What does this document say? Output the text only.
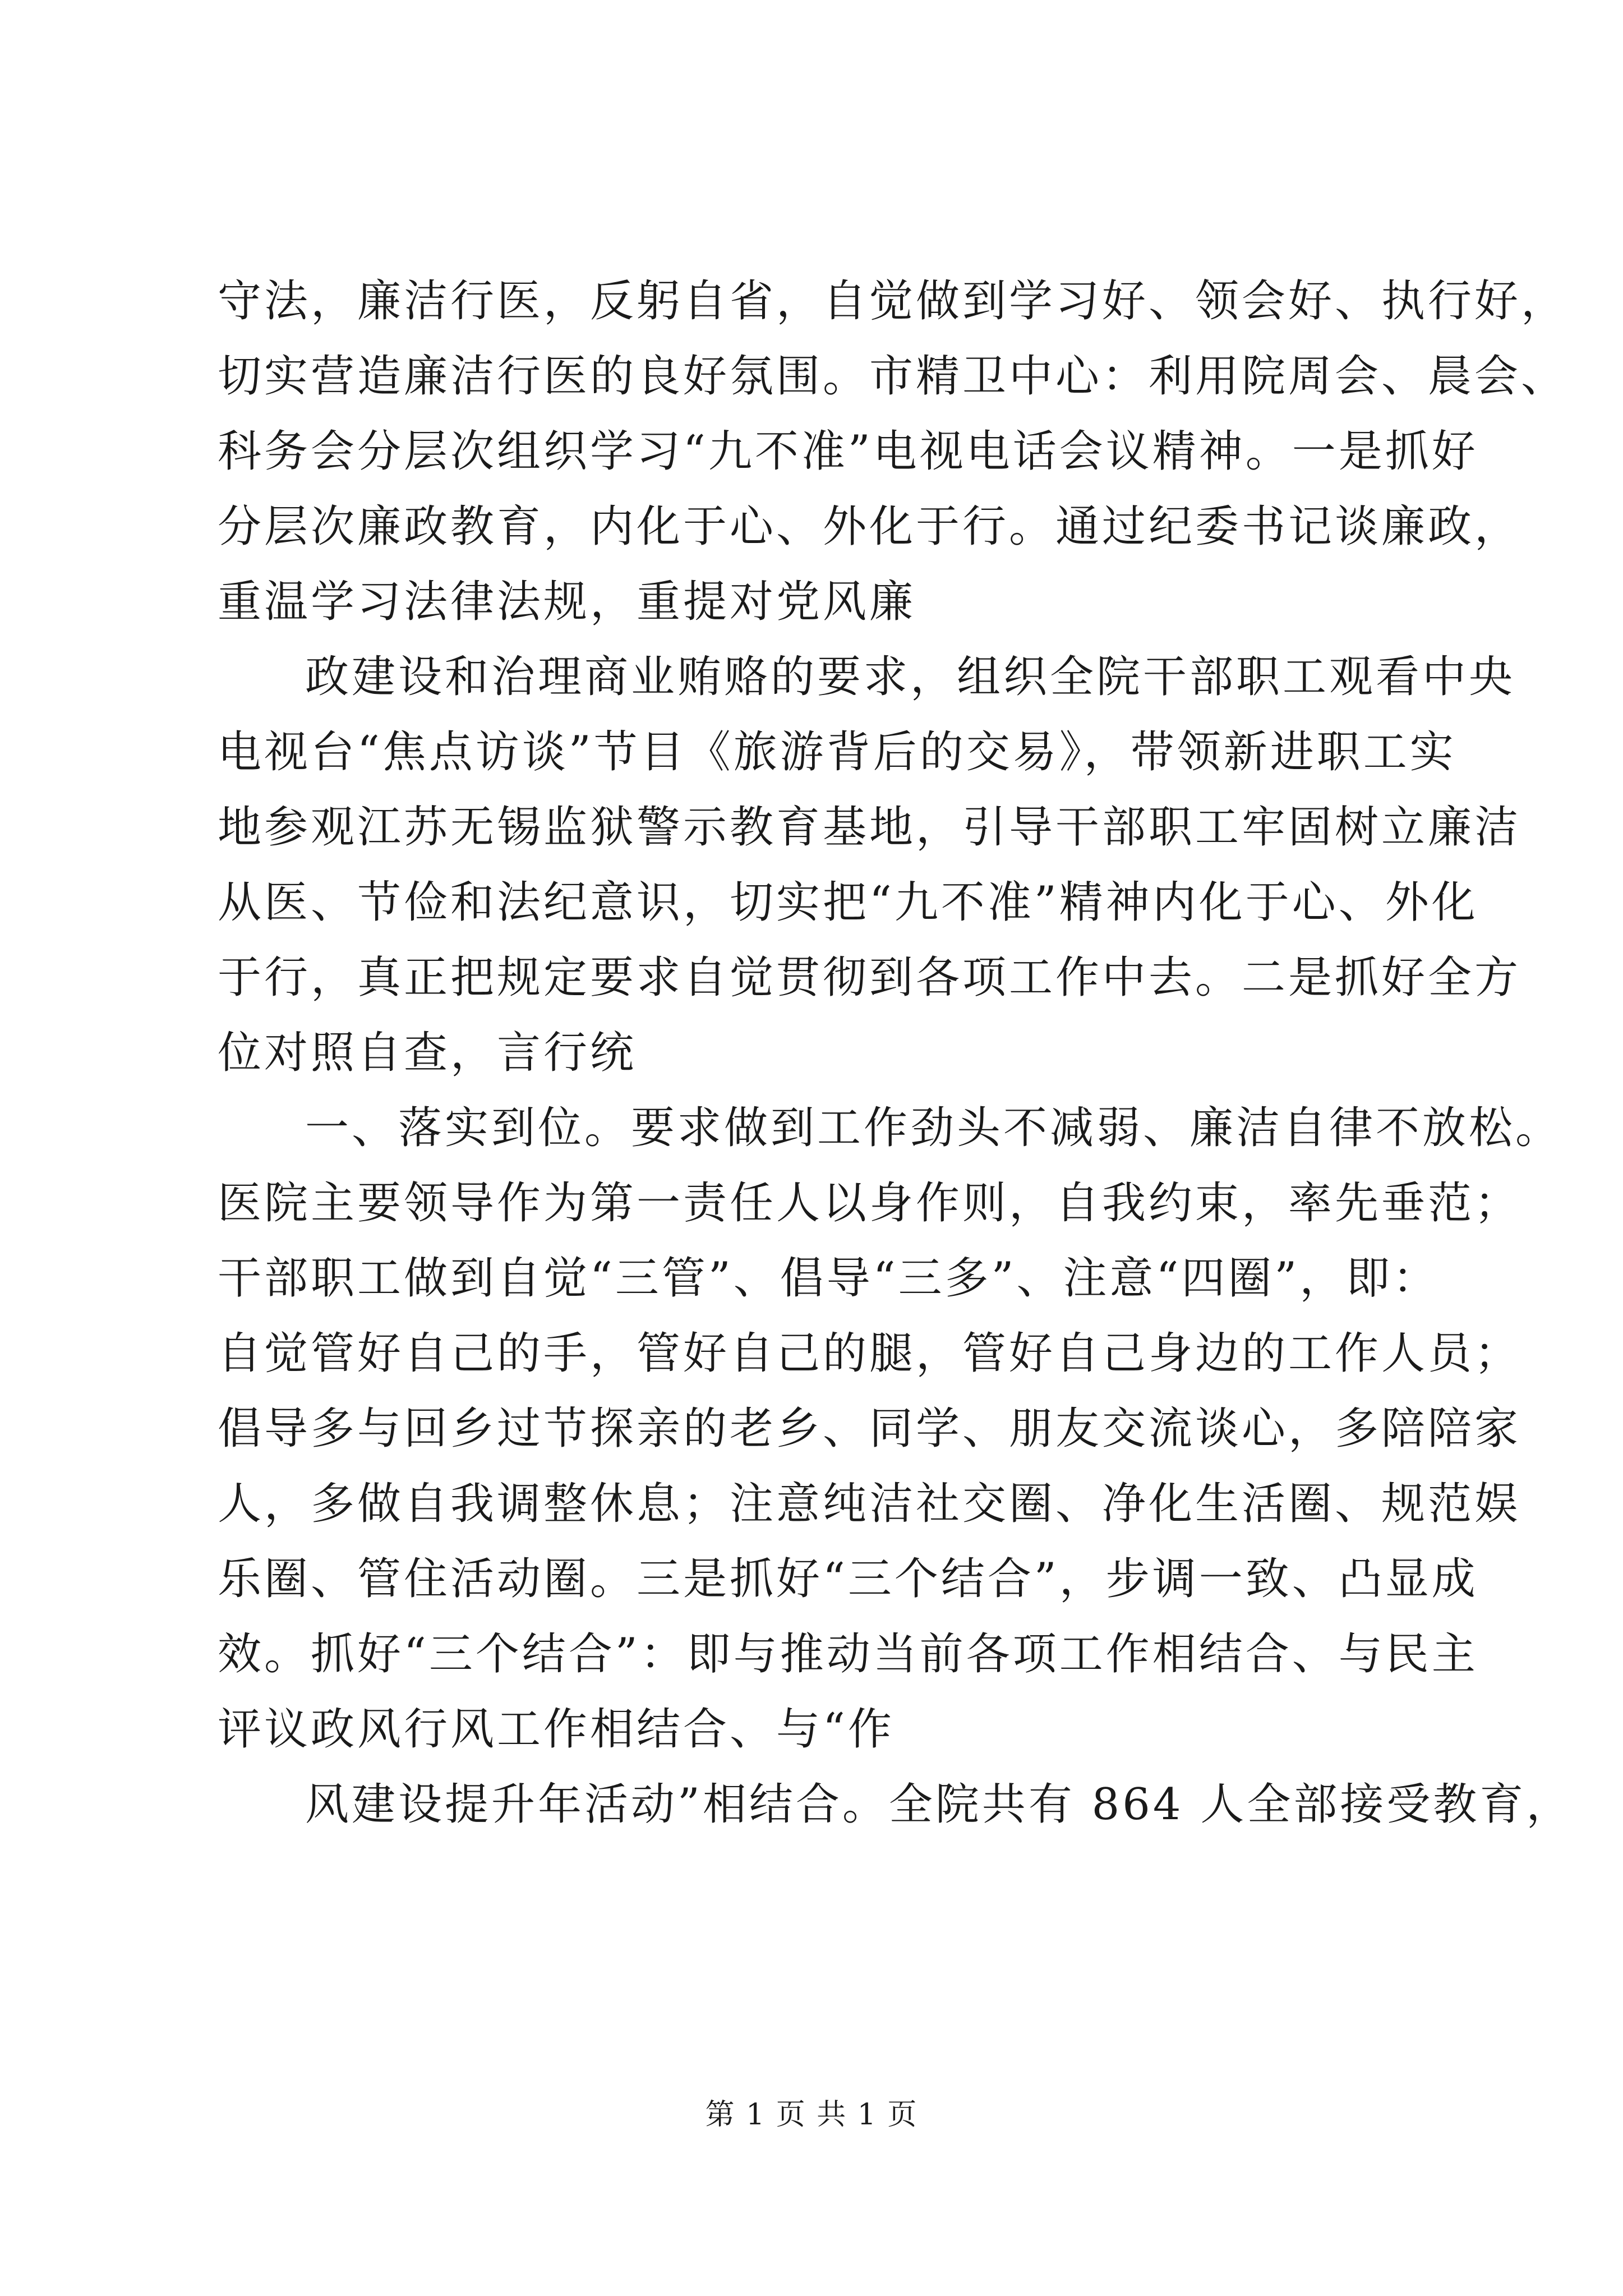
守法，廉洁行医，反躬自省，自觉做到学习好、领会好、执行好，
切实营造廉洁行医的良好氛围。市精卫中心：利用院周会、晨会、
科务会分层次组织学习“九不准”电视电话会议精神。一是抓好
分层次廉政教育，内化于心、外化于行。通过纪委书记谈廉政，
重温学习法律法规，重提对党风廉
政建设和治理商业贿赂的要求，组织全院干部职工观看中央
电视台“焦点访谈”节目《旅游背后的交易》，带领新进职工实
地参观江苏无锡监狱警示教育基地，引导干部职工牢固树立廉洁
从医、节俭和法纪意识，切实把“九不准”精神内化于心、外化
于行，真正把规定要求自觉贯彻到各项工作中去。二是抓好全方
位对照自查，言行统
一、落实到位。要求做到工作劲头不减弱、廉洁自律不放松。
医院主要领导作为第一责任人以身作则，自我约束，率先垂范；
干部职工做到自觉“三管”、倡导“三多”、注意“四圈”，即：
自觉管好自己的手，管好自己的腿，管好自己身边的工作人员；
倡导多与回乡过节探亲的老乡、同学、朋友交流谈心，多陪陪家
人，多做自我调整休息；注意纯洁社交圈、净化生活圈、规范娱
乐圈、管住活动圈。三是抓好“三个结合”，步调一致、凸显成
效。抓好“三个结合”：即与推动当前各项工作相结合、与民主
评议政风行风工作相结合、与“作
风建设提升年活动”相结合。全院共有 864 人全部接受教育，
第 1 页 共 1 页
